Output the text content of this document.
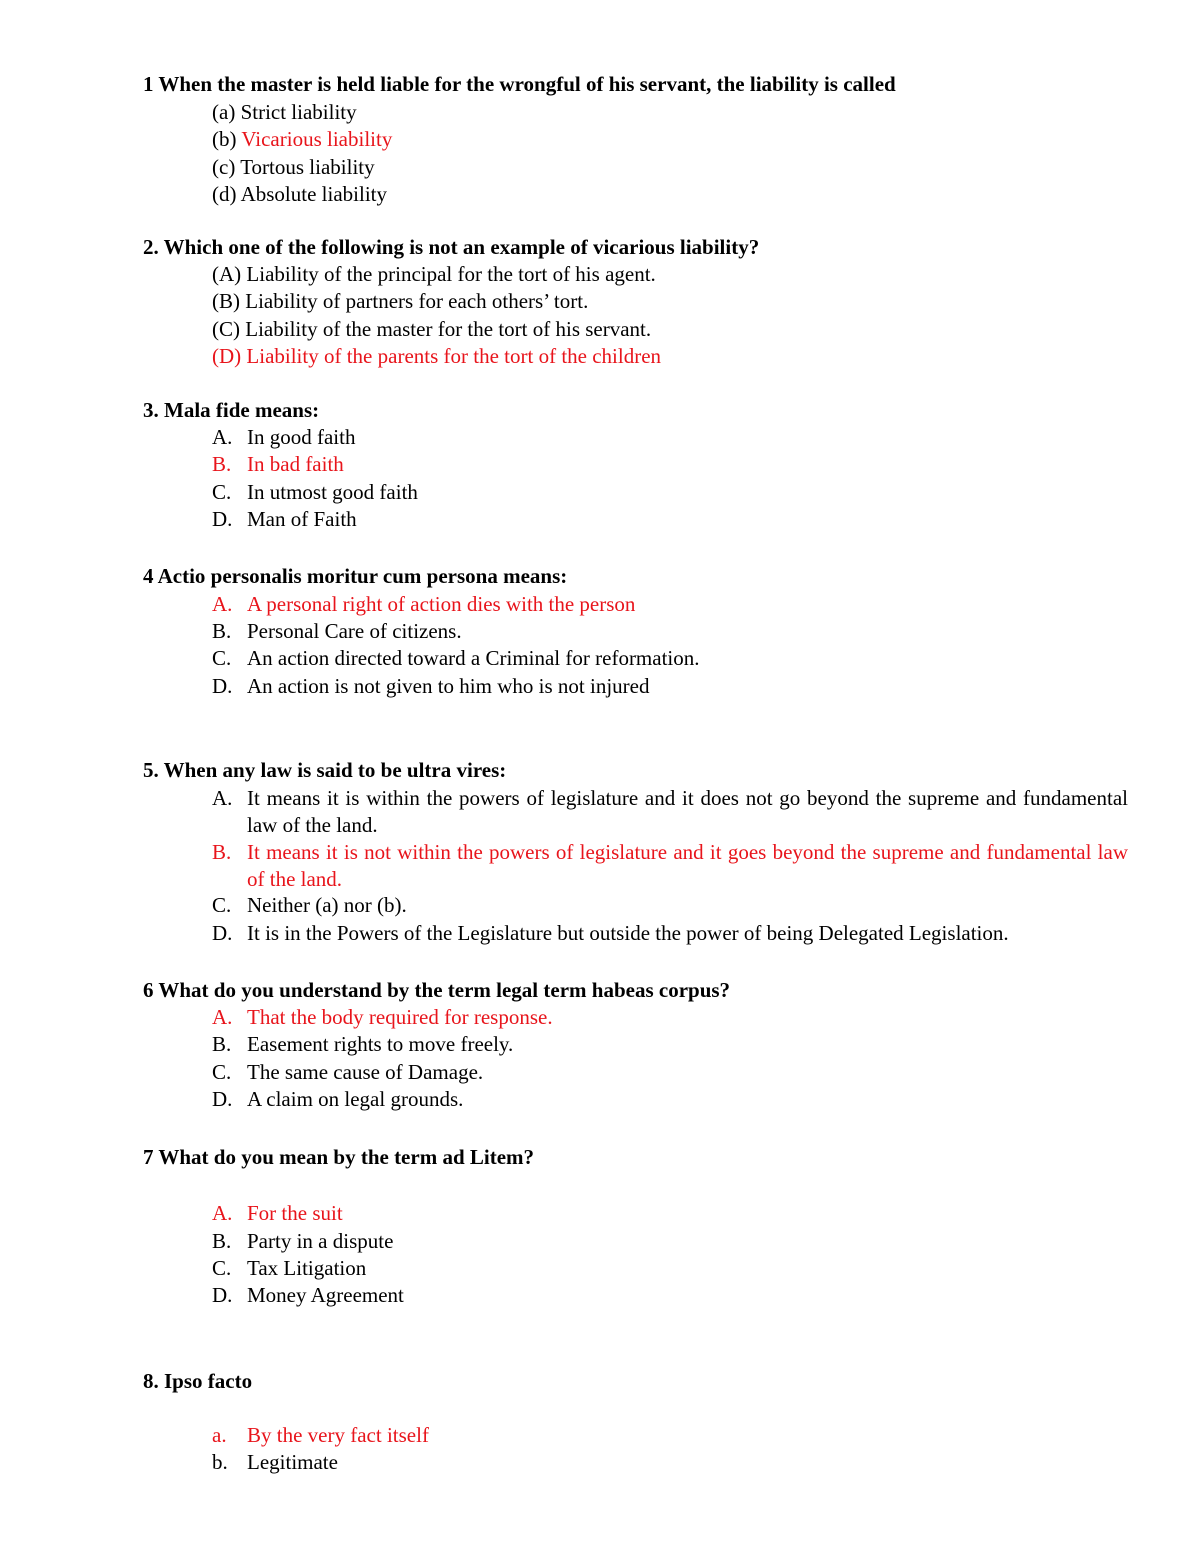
1 When the master is held liable for the wrongful of his servant, the liability is called
(a) Strict liability
(b) Vicarious liability
(c) Tortous liability
(d) Absolute liability
2. Which one of the following is not an example of vicarious liability?
(A) Liability of the principal for the tort of his agent.
(B) Liability of partners for each others’ tort.
(C) Liability of the master for the tort of his servant.
(D) Liability of the parents for the tort of the children
3. Mala fide means:
A. In good faith
B. In bad faith
C. In utmost good faith
D. Man of Faith
4 Actio personalis moritur cum persona means:
A. A personal right of action dies with the person
B. Personal Care of citizens.
C. An action directed toward a Criminal for reformation.
D. An action is not given to him who is not injured
5. When any law is said to be ultra vires:
A. It means it is within the powers of legislature and it does not go beyond the supreme and fundamental law of the land.
B. It means it is not within the powers of legislature and it goes beyond the supreme and fundamental law of the land.
C. Neither (a) nor (b).
D. It is in the Powers of the Legislature but outside the power of being Delegated Legislation.
6 What do you understand by the term legal term habeas corpus?
A. That the body required for response.
B. Easement rights to move freely.
C. The same cause of Damage.
D. A claim on legal grounds.
7 What do you mean by the term ad Litem?
A. For the suit
B. Party in a dispute
C. Tax Litigation
D. Money Agreement
8. Ipso facto
a. By the very fact itself
b. Legitimate
